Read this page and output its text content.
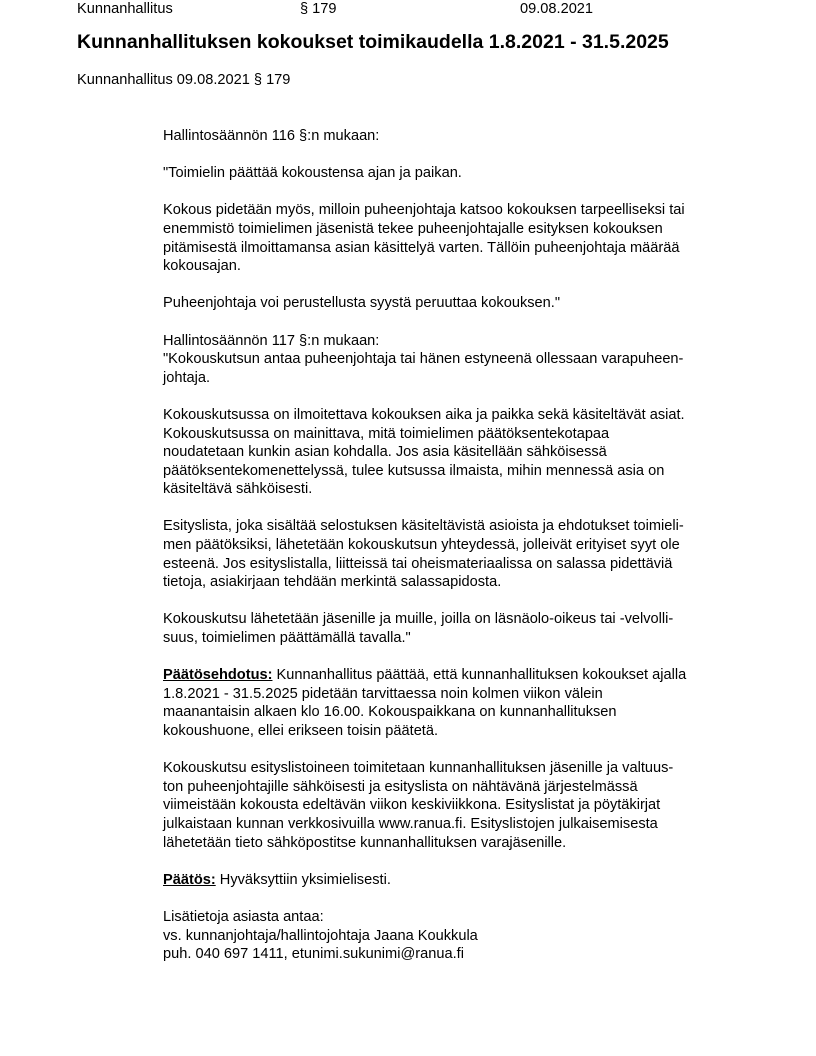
Kunnanhallitus	§ 179	09.08.2021
Kunnanhallituksen kokoukset toimikaudella 1.8.2021 - 31.5.2025
Kunnanhallitus 09.08.2021 § 179

Hallintosäännön 116 §:n mukaan:

"Toimielin päättää kokoustensa ajan ja paikan.

Kokous pidetään myös, milloin puheenjohtaja katsoo kokouksen tarpeelliseksi tai
enemmistö toimielimen jäsenistä tekee puheenjohtajalle esityksen kokouksen
pitämisestä ilmoittamansa asian käsittelyä varten. Tällöin puheenjohtaja määrää
kokousajan.

Puheenjohtaja voi perustellusta syystä peruuttaa kokouksen."

Hallintosäännön 117 §:n mukaan:
"Kokouskutsun antaa puheenjohtaja tai hänen estyneenä ollessaan varapuheen-
johtaja.

Kokouskutsussa on ilmoitettava kokouksen aika ja paikka sekä käsiteltävät asiat.
Kokouskutsussa on mainittava, mitä toimielimen päätöksentekotapaa
noudatetaan kunkin asian kohdalla. Jos asia käsitellään sähköisessä
päätöksentekomenettelyssä, tulee kutsussa ilmaista, mihin mennessä asia on
käsiteltävä sähköisesti.

Esityslista, joka sisältää selostuksen käsiteltävistä asioista ja ehdotukset toimieli-
men päätöksiksi, lähetetään kokouskutsun yhteydessä, jolleivät erityiset syyt ole
esteenä. Jos esityslistalla, liitteissä tai oheismateriaalissa on salassa pidettäviä
tietoja, asiakirjaan tehdään merkintä salassapidosta.

Kokouskutsu lähetetään jäsenille ja muille, joilla on läsnäolo-oikeus tai -velvolli-
suus, toimielimen päättämällä tavalla."

Päätösehdotus: Kunnanhallitus päättää, että kunnanhallituksen kokoukset ajalla
1.8.2021 - 31.5.2025 pidetään tarvittaessa noin kolmen viikon välein
maanantaisin alkaen klo 16.00. Kokouspaikkana on kunnanhallituksen
kokoushuone, ellei erikseen toisin päätetä.

Kokouskutsu esityslistoineen toimitetaan kunnanhallituksen jäsenille ja valtuus-
ton puheenjohtajille sähköisesti ja esityslista on nähtävänä järjestelmässä
viimeistään kokousta edeltävän viikon keskiviikkona. Esityslistat ja pöytäkirjat
julkaistaan kunnan verkkosivuilla www.ranua.fi. Esityslistojen julkaisemisesta
lähetetään tieto sähköpostitse kunnanhallituksen varajäsenille.

Päätös: Hyväksyttiin yksimielisesti.

Lisätietoja asiasta antaa:
vs. kunnanjohtaja/hallintojohtaja Jaana Koukkula
puh. 040 697 1411, etunimi.sukunimi@ranua.fi
